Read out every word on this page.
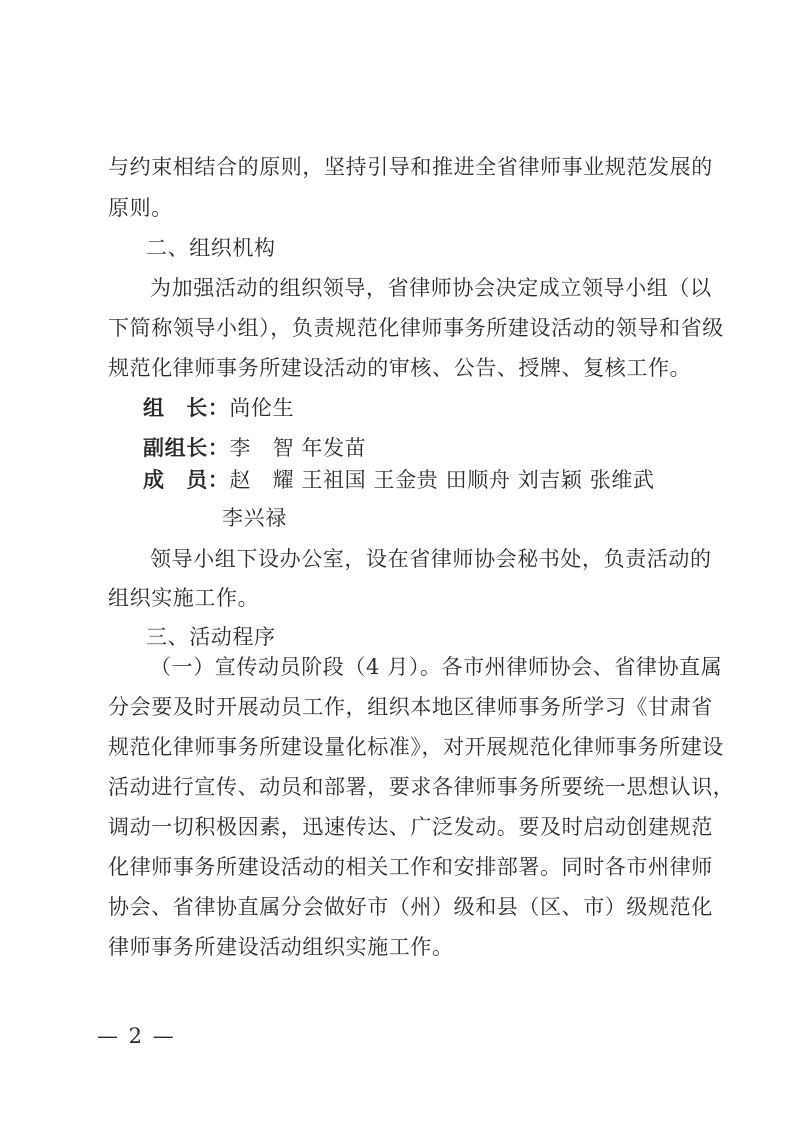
与约束相结合的原则，坚持引导和推进全省律师事业规范发展的
原则。
二、组织机构
为加强活动的组织领导，省律师协会决定成立领导小组（以
下简称领导小组），负责规范化律师事务所建设活动的领导和省级
规范化律师事务所建设活动的审核、公告、授牌、复核工作。
组　长：尚伦生
副组长：李　智 年发苗
成　员：赵　耀 王祖国 王金贵 田顺舟 刘吉颖 张维武
李兴禄
领导小组下设办公室，设在省律师协会秘书处，负责活动的
组织实施工作。
三、活动程序
（一）宣传动员阶段（4 月）。各市州律师协会、省律协直属
分会要及时开展动员工作，组织本地区律师事务所学习《甘肃省
规范化律师事务所建设量化标准》，对开展规范化律师事务所建设
活动进行宣传、动员和部署，要求各律师事务所要统一思想认识，
调动一切积极因素，迅速传达、广泛发动。要及时启动创建规范
化律师事务所建设活动的相关工作和安排部署。同时各市州律师
协会、省律协直属分会做好市（州）级和县（区、市）级规范化
律师事务所建设活动组织实施工作。
— 2 —
